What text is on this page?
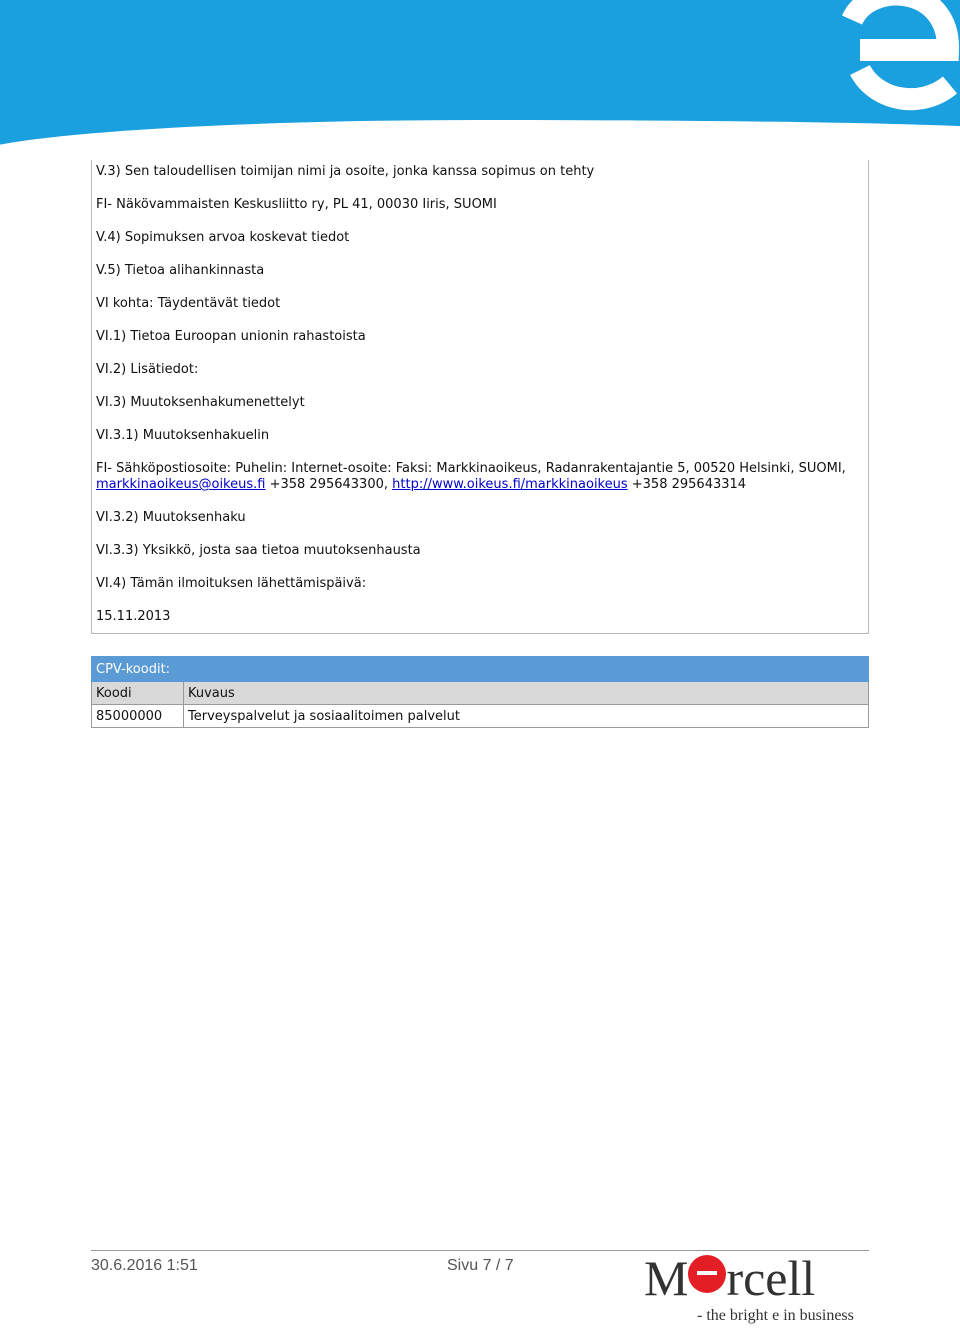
V.3) Sen taloudellisen toimijan nimi ja osoite, jonka kanssa sopimus on tehty
FI- Näkövammaisten Keskusliitto ry, PL 41, 00030 Iiris, SUOMI
V.4) Sopimuksen arvoa koskevat tiedot
V.5) Tietoa alihankinnasta
VI kohta: Täydentävät tiedot
VI.1) Tietoa Euroopan unionin rahastoista
VI.2) Lisätiedot:
VI.3) Muutoksenhakumenettelyt
VI.3.1) Muutoksenhakuelin
FI- Sähköpostiosoite: Puhelin: Internet-osoite: Faksi: Markkinaoikeus, Radanrakentajantie 5, 00520 Helsinki, SUOMI,
markkinaoikeus@oikeus.fi +358 295643300, http://www.oikeus.fi/markkinaoikeus +358 295643314
VI.3.2) Muutoksenhaku
VI.3.3) Yksikkö, josta saa tietoa muutoksenhausta
VI.4) Tämän ilmoituksen lähettämispäivä:
15.11.2013
CPV-koodit:	
Koodi	Kuvaus
85000000	Terveyspalvelut ja sosiaalitoimen palvelut
30.6.2016 1:51	Sivu 7 / 7	M rcell
- the bright e in business
